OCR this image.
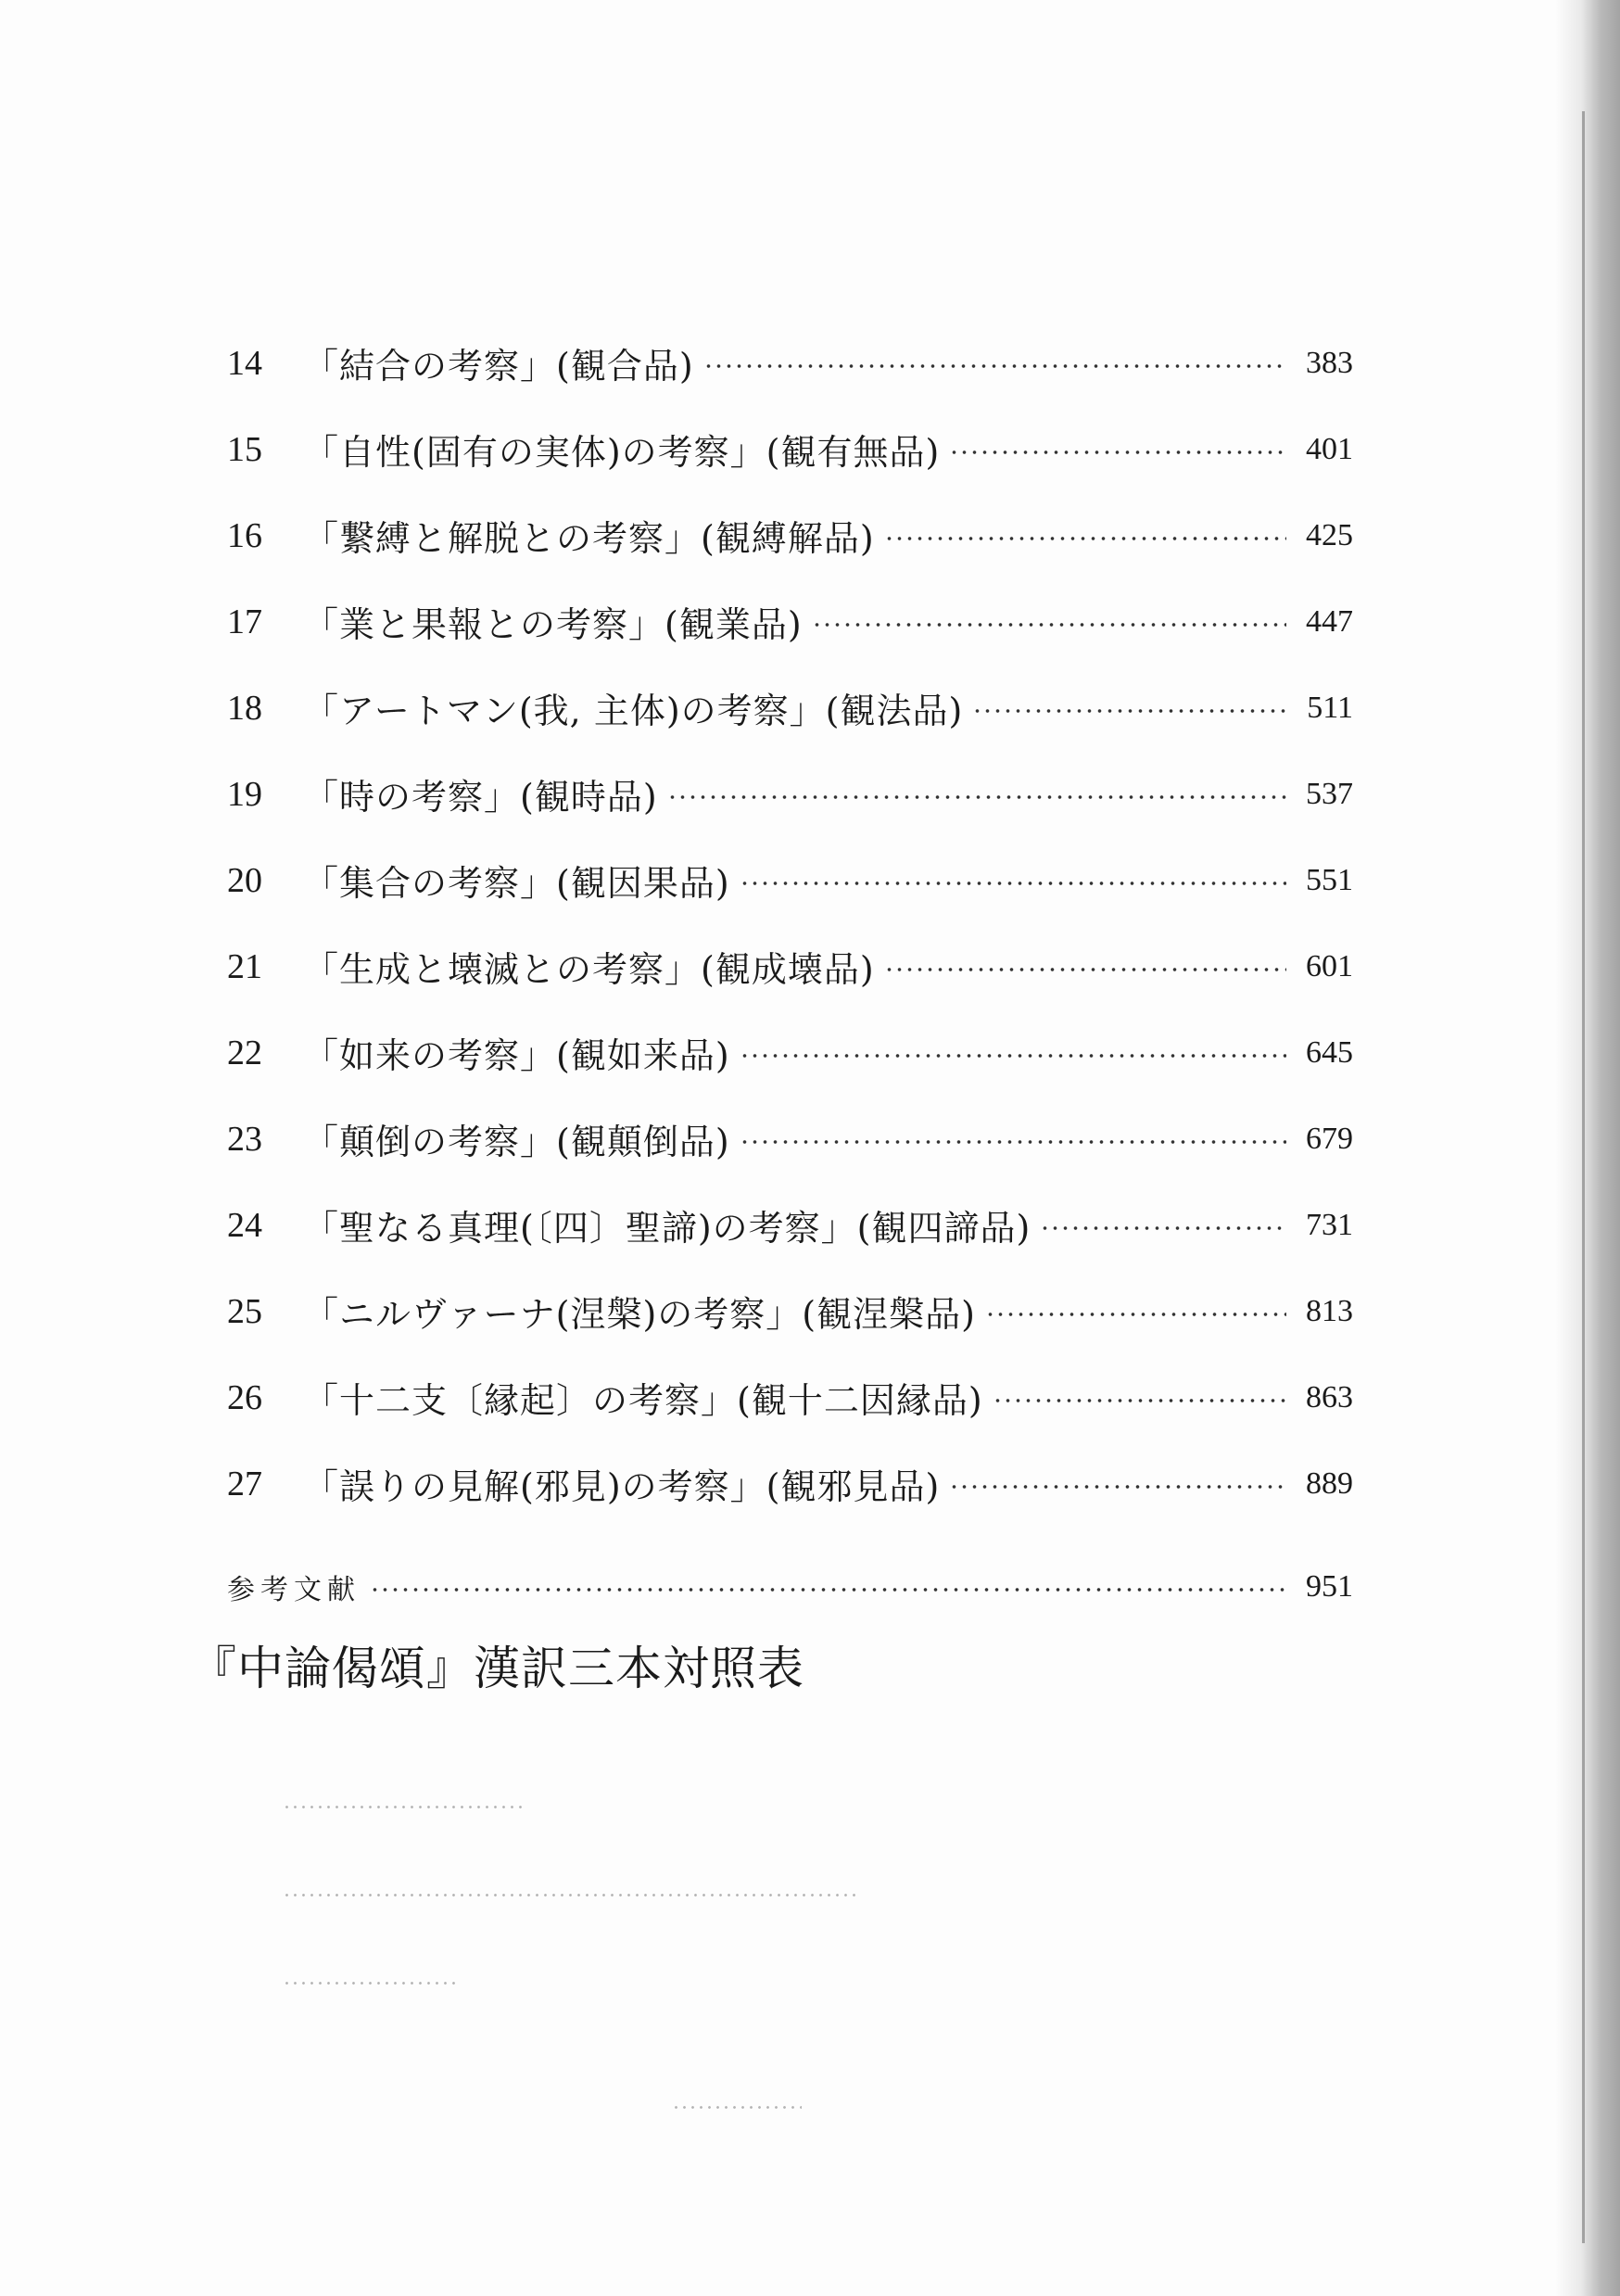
14	「結合の考察」(観合品)	383
15	「自性(固有の実体)の考察」(観有無品)	401
16	「繋縛と解脱との考察」(観縛解品)	425
17	「業と果報との考察」(観業品)	447
18	「アートマン(我, 主体)の考察」(観法品)	511
19	「時の考察」(観時品)	537
20	「集合の考察」(観因果品)	551
21	「生成と壊滅との考察」(観成壊品)	601
22	「如来の考察」(観如来品)	645
23	「顛倒の考察」(観顛倒品)	679
24	「聖なる真理(〔四〕聖諦)の考察」(観四諦品)	731
25	「ニルヴァーナ(涅槃)の考察」(観涅槃品)	813
26	「十二支〔縁起〕の考察」(観十二因縁品)	863
27	「誤りの見解(邪見)の考察」(観邪見品)	889
参考文献	951
『中論偈頌』漢訳三本対照表
